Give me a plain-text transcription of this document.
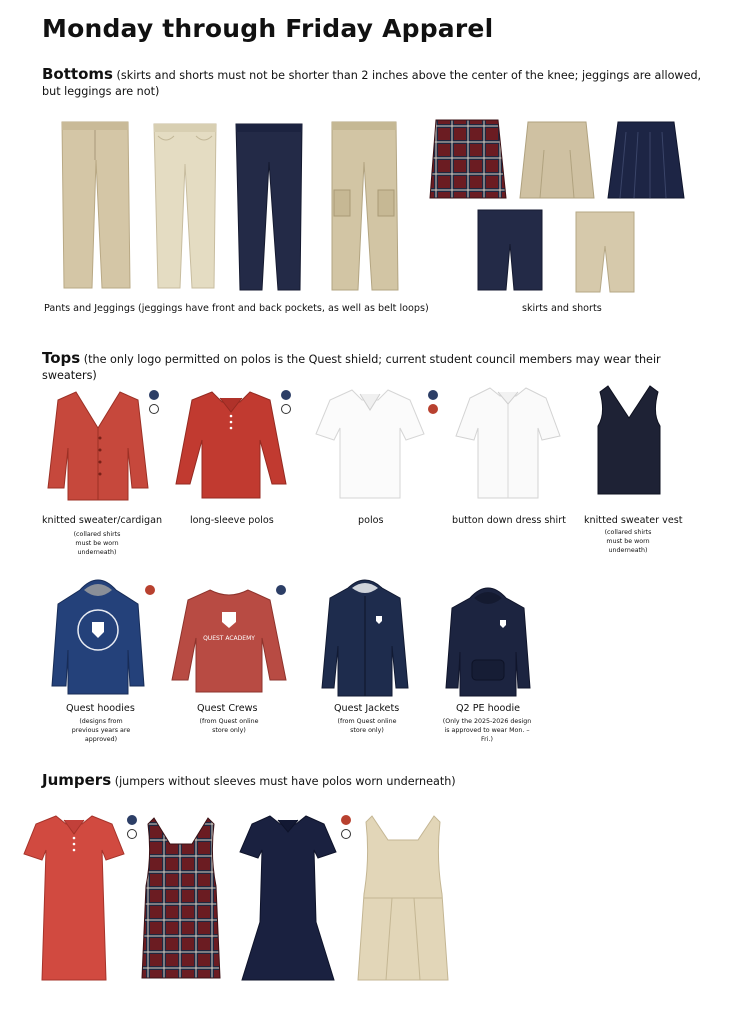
Monday through Friday Apparel

Bottoms (skirts and shorts must not be shorter than 2 inches above the center of the knee; jeggings are allowed, but leggings are not)

Pants and Jeggings (jeggings have front and back pockets, as well as belt loops)	skirts and shorts

Tops (the only logo permitted on polos is the Quest shield; current student council members may wear their sweaters)

knitted sweater/cardigan
(collared shirts must be worn underneath)
long-sleeve polos	polos	button down dress shirt knitted sweater vest
(collared shirts must be worn underneath)
QUEST ACADEMY
Quest hoodies
(designs from previous years are approved)
Quest Crews
(from Quest online store only)
Quest Jackets
(from Quest online store only)
Q2 PE hoodie
(Only the 2025-2026 design is approved to wear Mon. – Fri.)

Jumpers (jumpers without sleeves must have polos worn underneath)
